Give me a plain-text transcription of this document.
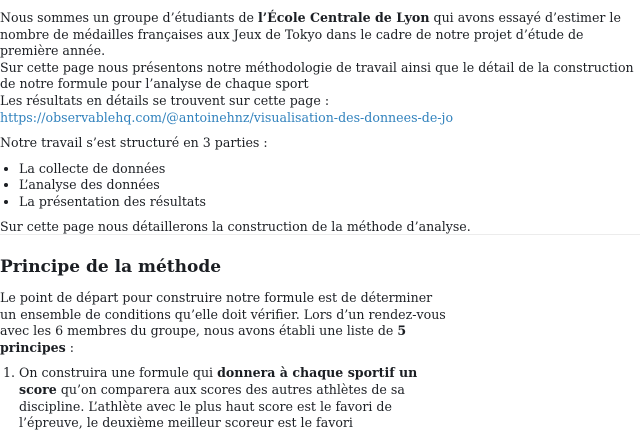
Nous sommes un groupe d’étudiants de l’École Centrale de Lyon qui avons essayé d’estimer le nombre de médailles françaises aux Jeux de Tokyo dans le cadre de notre projet d’étude de première année.
Sur cette page nous présentons notre méthodologie de travail ainsi que le détail de la construction de notre formule pour l’analyse de chaque sport
Les résultats en détails se trouvent sur cette page : https://observablehq.com/@antoinehnz/visualisation-des-donnees-de-jo

Notre travail s’est structuré en 3 parties :

• La collecte de données
• L’analyse des données
• La présentation des résultats

Sur cette page nous détaillerons la construction de la méthode d’analyse.

Principe de la méthode

Le point de départ pour construire notre formule est de déterminer un ensemble de conditions qu’elle doit vérifier. Lors d’un rendez-vous avec les 6 membres du groupe, nous avons établi une liste de 5 principes :

1. On construira une formule qui donnera à chaque sportif un score qu’on comparera aux scores des autres athlètes de sa discipline. L’athlète avec le plus haut score est le favori de l’épreuve, le deuxième meilleur scoreur est le favori
